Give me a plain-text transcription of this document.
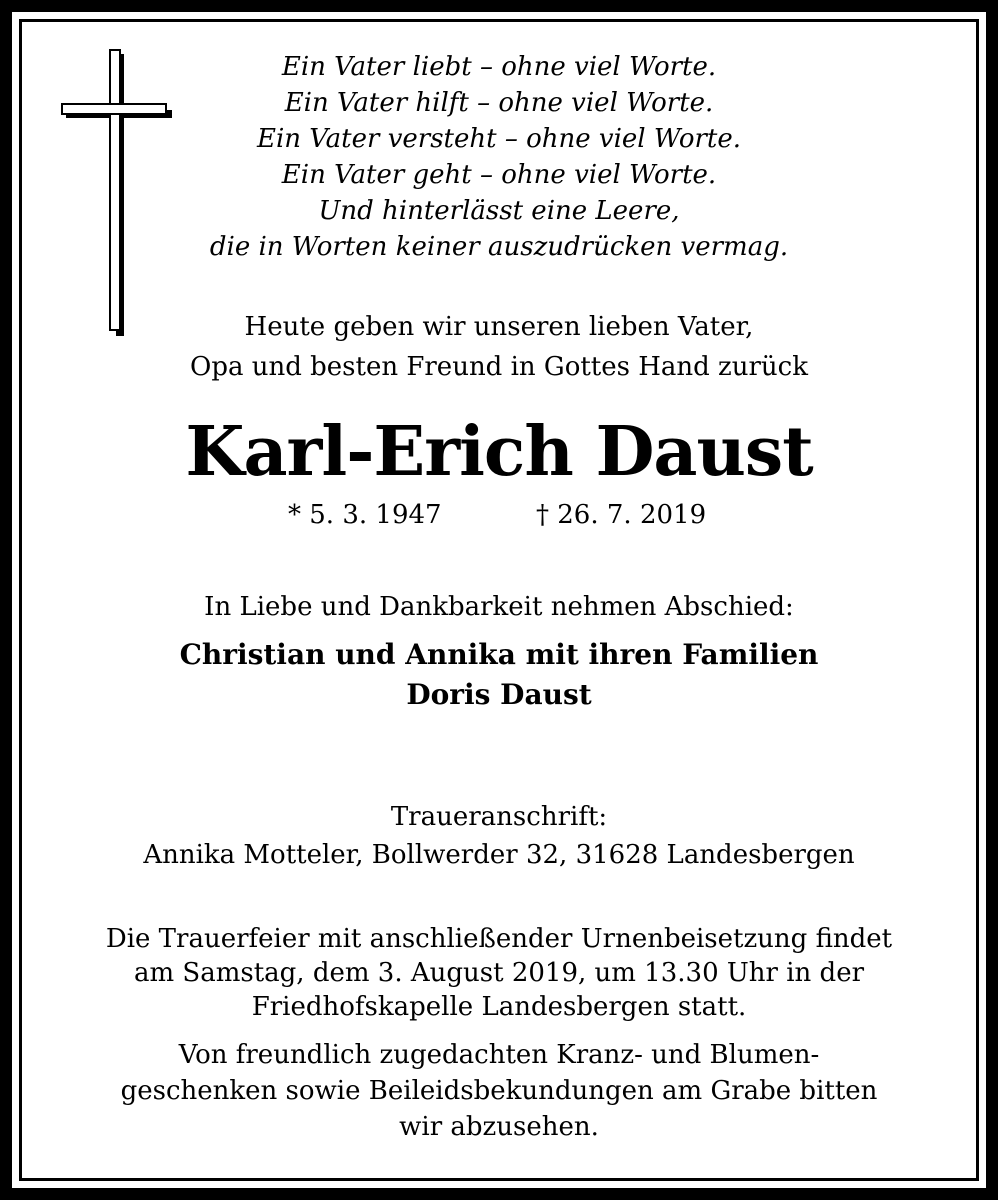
Ein Vater liebt – ohne viel Worte.
Ein Vater hilft – ohne viel Worte.
Ein Vater versteht – ohne viel Worte.
Ein Vater geht – ohne viel Worte.
Und hinterlässt eine Leere,
die in Worten keiner auszudrücken vermag.
Heute geben wir unseren lieben Vater,
Opa und besten Freund in Gottes Hand zurück
Karl-Erich Daust
* 5. 3. 1947	† 26. 7. 2019
In Liebe und Dankbarkeit nehmen Abschied:
Christian und Annika mit ihren Familien
Doris Daust
Traueranschrift:
Annika Motteler, Bollwerder 32, 31628 Landesbergen
Die Trauerfeier mit anschließender Urnenbeisetzung findet
am Samstag, dem 3. August 2019, um 13.30 Uhr in der
Friedhofskapelle Landesbergen statt.
Von freundlich zugedachten Kranz- und Blumen-
geschenken sowie Beileidsbekundungen am Grabe bitten
wir abzusehen.
